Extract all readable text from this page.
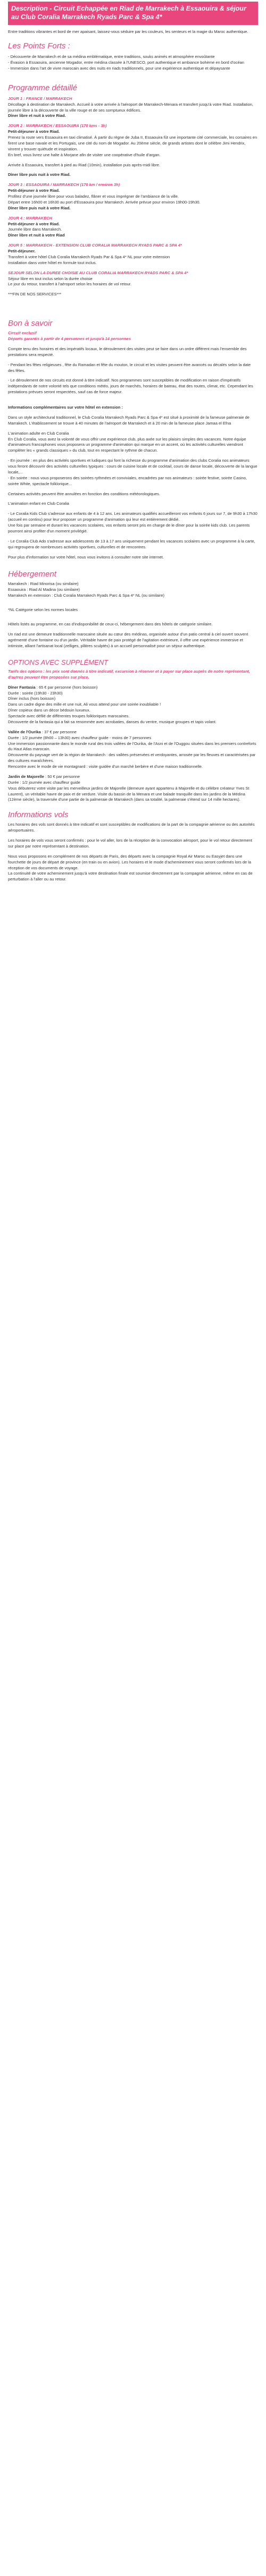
Description - Circuit Echappée en Riad de Marrakech à Essaouira & séjour au Club Coralia Marrakech Ryads Parc & Spa 4*

Entre traditions vibrantes et bord de mer apaisant, laissez-vous séduire par les couleurs, les senteurs et la magie du Maroc authentique.

Les Points Forts :

- Découverte de Marrakech et de sa médina emblématique, entre traditions, souks animés et atmosphère envoûtante

- Évasion à Essaouira, ancienne Mogador, entre médina classée à l'UNESCO, port authentique et ambiance bohème en bord d'océan

- Immersion dans l'art de vivre marocain avec des nuits en riads traditionnels, pour une expérience authentique et dépaysante

Programme détaillé

JOUR 1 : FRANCE / MARRAKECH

Décollage à destination de Marrakech. Accueil à votre arrivée à l'aéroport de Marrakech-Menara et transfert jusqu'à votre Riad. Installation, journée libre à la découverte de la ville rouge et de ses somptueux édifices.

Dîner libre et nuit à votre Riad.

JOUR 2 : MARRAKECH / ESSAOUIRA (170 kms - 3h)

Petit-déjeuner à votre Riad.

Prenez la route vers Essaouira en taxi climatisé. À partir du règne de Juba II, Essaouira fût une importante cité commerciale, les corsaires en firent une base navale et les Portugais, une cité du nom de Mogador. Au 20ème siècle, de grands artistes dont le célèbre Jimi Hendrix, vinrent y trouver quiétude et inspiration.

En bref, vous livrez une halte à Morjane afin de visiter une coopérative d'huile d'argan.

Arrivée à Essaouira, transfert à pied au Riad (10min), installation puis après-midi libre.

Dîner libre puis nuit à votre Riad.

JOUR 3 : ESSAOUIRA / MARRAKECH (170 km / environ 3h)

Petit-déjeuner à votre Riad.

Profitez d'une journée libre pour vous baladez, flâner et vous imprégner de l'ambiance de la ville.

Départ entre 16h00 et 16h30 au port d'Essaouira pour Marrakech. Arrivée prévue pour environ 19h00-19h30.

Dîner libre puis nuit à votre Riad.

JOUR 4 : MARRAKECH

Petit-déjeuner à votre Riad.

Journée libre dans Marrakech.

Dîner libre et nuit à votre Riad

JOUR 5 : MARRAKECH - EXTENSION CLUB CORALIA MARRAKECH RYADS PARC & SPA 4*

Petit-déjeuner.

Transfert à votre hôtel Club Coralia Marrakech Ryads Par & Spa 4* NL pour votre extension

Installation dans votre hôtel en formule tout inclus.

SEJOUR SELON LA DUREE CHOISIE AU CLUB CORALIA MARRAKECH RYADS PARC & SPA 4*

Séjour libre en tout inclus selon la durée choisie

Le jour du retour, transfert à l'aéroport selon les horaires de vol retour.

***FIN DE NOS SERVICES***

Bon à savoir

Circuit exclusif

Départs garantis à partir de 4 personnes et jusqu'à 14 personnes

Compte tenu des horaires et des impératifs locaux, le déroulement des visites peut se faire dans un ordre différent mais l'ensemble des prestations sera respecté.

- Pendant les fêtes religieuses , fête du Ramadan et fête du mouton, le circuit et les visites peuvent être avancés ou décalés selon la date des fêtes.

- Le déroulement de nos circuits est donné à titre indicatif. Nos programmes sont susceptibles de modification en raison d'impératifs indépendants de notre volonté tels que conditions météo, jours de marchés, horaires de bateau, état des routes, climat, etc. Cependant les prestations prévues seront respectées, sauf cas de force majeur.

Informations complémentaires sur votre hôtel en extension :

Dans un style architectural traditionnel, le Club Coralia Marrakech Ryads Parc & Spa 4* est situé à proximité de la fameuse palmeraie de Marrakech. L'établissement se trouve à 40 minutes de l'aéroport de Marrakech et à 20 min de la fameuse place Jamaa el Efna

L'animation adulte en Club Coralia

En Club Coralia, vous avez la volonté de vous offrir une expérience club, plus axée sur les plaisirs simples des vacances. Notre équipe d'animateurs francophones vous proposera un programme d'animation qui marque en un accent, où les activités culturelles viendront compléter les « grands classiques » du club, tout en respectant le rythme de chacun.

- En journée : en plus des activités sportives et ludiques qui font la richesse du programme d'animation des clubs Coralia nos animateurs vous feront découvrir des activités culturelles typiques : cours de cuisine locale et de cocktail, cours de danse locale, découverte de la langue locale,...

- En soirée : nous vous proposerons des soirées rythmées et conviviales, encadrées par nos animateurs : soirée festive, soirée Casino, soirée White, spectacle folklorique...

Certaines activités peuvent être annulées en fonction des conditions météorologiques.

L'animation enfant en Club Coralia

- Le Coralia Kids Club s'adresse aux enfants de 4 à 12 ans. Les animateurs qualifiés accueilleront vos enfants 6 jours sur 7, de 9h30 à 17h30 (accueil en continu) pour leur proposer un programme d'animation qui leur est entièrement dédié.

Une fois par semaine et durant les vacances scolaires, vos enfants seront pris en charge de le dîner pour la soirée kids club. Les parents pourront ainsi profiter d'un moment privilégié.

- Le Coralia Club Ado s'adresse aux adolescents de 13 à 17 ans uniquement pendant les vacances scolaires avec un programme à la carte, qui regroupera de nombreuses activités sportives, culturelles et de rencontres.

Pour plus d'information sur votre hôtel, nous vous invitons à consulter notre site internet.

Hébergement

Marrakech : Riad Minorisa (ou similaire)

Essaouira : Riad Al Madina (ou similaire)

Marrakech en extension : Club Coralia Marrakech Ryads Parc & Spa 4* NL (ou similaire)

*NL Catégorie selon les normes locales

Hôtels listés au programme, en cas d'indisponibilité de ceux-ci, hébergement dans des hôtels de catégorie similaire.

Un riad est une demeure traditionnelle marocaine située au cœur des médinas, organisée autour d'un patio central à ciel ouvert souvent agrémenté d'une fontaine ou d'un jardin. Véritable havre de paix protégé de l'agitation extérieure, il offre une expérience immersive et intimiste, alliant l'artisanat local (zelliges, plâtres sculptés) à un accueil personnalisé pour un séjour authentique.

OPTIONS AVEC SUPPLÉMENT

Tarifs des options : les prix sont donnés à titre indicatif, excursion à réserver et à payer sur place auprès de notre représentant, d'autres peuvent être proposées sur place.

Dîner Fantasia : 65 € par personne (hors boisson)

Durée : soirée (19h30 - 23h30)

Dîner inclus (hors boisson)

Dans un cadre digne des mille et une nuit, Ali vous attend pour une soirée inoubliable !

Dîner copieux dans un décor bédouin luxueux.

Spectacle avec défilé de différentes troupes folkloriques marocaines.

Découverte de la fantasia qui a fait sa renommée avec acrobaties, danses du ventre, musique groupes et tapis volant.

Vallée de l'Ourika : 37 € par personne

Durée : 1/2 journée (8h00 – 13h30) avec chauffeur guide - moins de 7 personnes

Une immersion passionnante dans le monde rural des trois vallées de l'Ourika, de l'Asni et de l'Ouggou situées dans les premiers contreforts du Haut Atlas marocain.

Découverte du paysage vert de la région de Marrakech : des vallées préservées et verdoyantes, arrosée par les fleuves et caractérisées par des cultures maraîchères.

Rencontre avec le mode de vie montagnard : visite guidée d'un marché berbère et d'une maison traditionnelle.

Jardin de Majorelle : 50 € par personne

Durée : 1/2 journée avec chauffeur guide

Vous débuterez votre visite par les merveilleux jardins de Majorelle (demeure ayant appartenu à Majorelle et du célèbre créateur Yves St Laurent), un véritable havre de paix et de verdure. Visite du bassin de la Menara et une balade tranquille dans les jardins de la Médina (12ème siècle), la traversée d'une partie de la palmeraie de Marrakech (dans sa totalité, la palmeraie s'étend sur 14 mille hectares).

Informations vols

Les horaires des vols sont donnés à titre indicatif et sont susceptibles de modifications de la part de la compagnie aérienne ou des autorités aéroportuaires.

Les horaires de vols vous seront confirmés : pour le vol aller, lors de la réception de la convocation aéroport, pour le vol retour directement sur place par notre représentant à destination.

Nous vous proposons en complément de nos départs de Paris, des départs avec la compagnie Royal Air Maroc ou Easyjet dans une fourchette de jours de départ de province (en train ou en avion). Les horaires et le mode d'acheminement vous seront confirmés lors de la réception de vos documents de voyage.

La continuité de votre acheminement jusqu'à votre destination finale est soumise directement par la compagnie aérienne, même en cas de perturbation à l'aller ou au retour.
